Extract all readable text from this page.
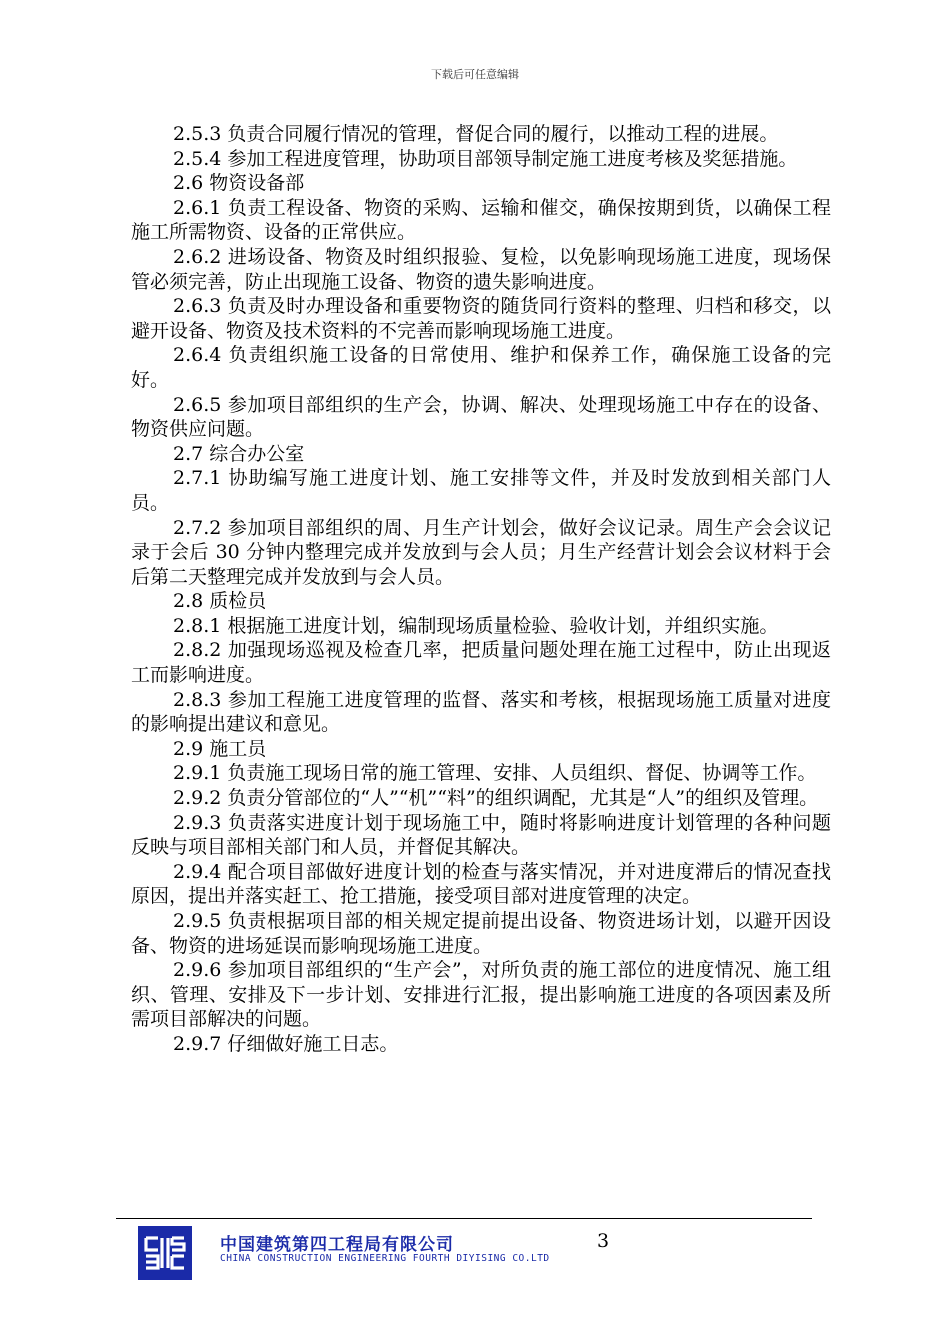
下载后可任意编辑

2.5.3 负责合同履行情况的管理，督促合同的履行，以推动工程的进展。

2.5.4 参加工程进度管理，协助项目部领导制定施工进度考核及奖惩措施。

2.6 物资设备部

2.6.1 负责工程设备、物资的采购、运输和催交，确保按期到货，以确保工程施工所需物资、设备的正常供应。

2.6.2 进场设备、物资及时组织报验、复检，以免影响现场施工进度，现场保管必须完善，防止出现施工设备、物资的遗失影响进度。

2.6.3 负责及时办理设备和重要物资的随货同行资料的整理、归档和移交，以避开设备、物资及技术资料的不完善而影响现场施工进度。

2.6.4 负责组织施工设备的日常使用、维护和保养工作，确保施工设备的完好。

2.6.5 参加项目部组织的生产会，协调、解决、处理现场施工中存在的设备、物资供应问题。

2.7 综合办公室

2.7.1 协助编写施工进度计划、施工安排等文件，并及时发放到相关部门人员。

2.7.2 参加项目部组织的周、月生产计划会，做好会议记录。周生产会会议记录于会后 30 分钟内整理完成并发放到与会人员；月生产经营计划会会议材料于会后第二天整理完成并发放到与会人员。

2.8 质检员

2.8.1 根据施工进度计划，编制现场质量检验、验收计划，并组织实施。

2.8.2 加强现场巡视及检查几率，把质量问题处理在施工过程中，防止出现返工而影响进度。

2.8.3 参加工程施工进度管理的监督、落实和考核，根据现场施工质量对进度的影响提出建议和意见。

2.9 施工员

2.9.1 负责施工现场日常的施工管理、安排、人员组织、督促、协调等工作。

2.9.2 负责分管部位的“人”“机”“料”的组织调配，尤其是“人”的组织及管理。

2.9.3 负责落实进度计划于现场施工中，随时将影响进度计划管理的各种问题反映与项目部相关部门和人员，并督促其解决。

2.9.4 配合项目部做好进度计划的检查与落实情况，并对进度滞后的情况查找原因，提出并落实赶工、抢工措施，接受项目部对进度管理的决定。

2.9.5 负责根据项目部的相关规定提前提出设备、物资进场计划，以避开因设备、物资的进场延误而影响现场施工进度。

2.9.6 参加项目部组织的“生产会”，对所负责的施工部位的进度情况、施工组织、管理、安排及下一步计划、安排进行汇报，提出影响施工进度的各项因素及所需项目部解决的问题。

2.9.7 仔细做好施工日志。

中国建筑第四工程局有限公司
CHINA CONSTRUCTION ENGINEERING FOURTH DIYISING CO.LTD
3
